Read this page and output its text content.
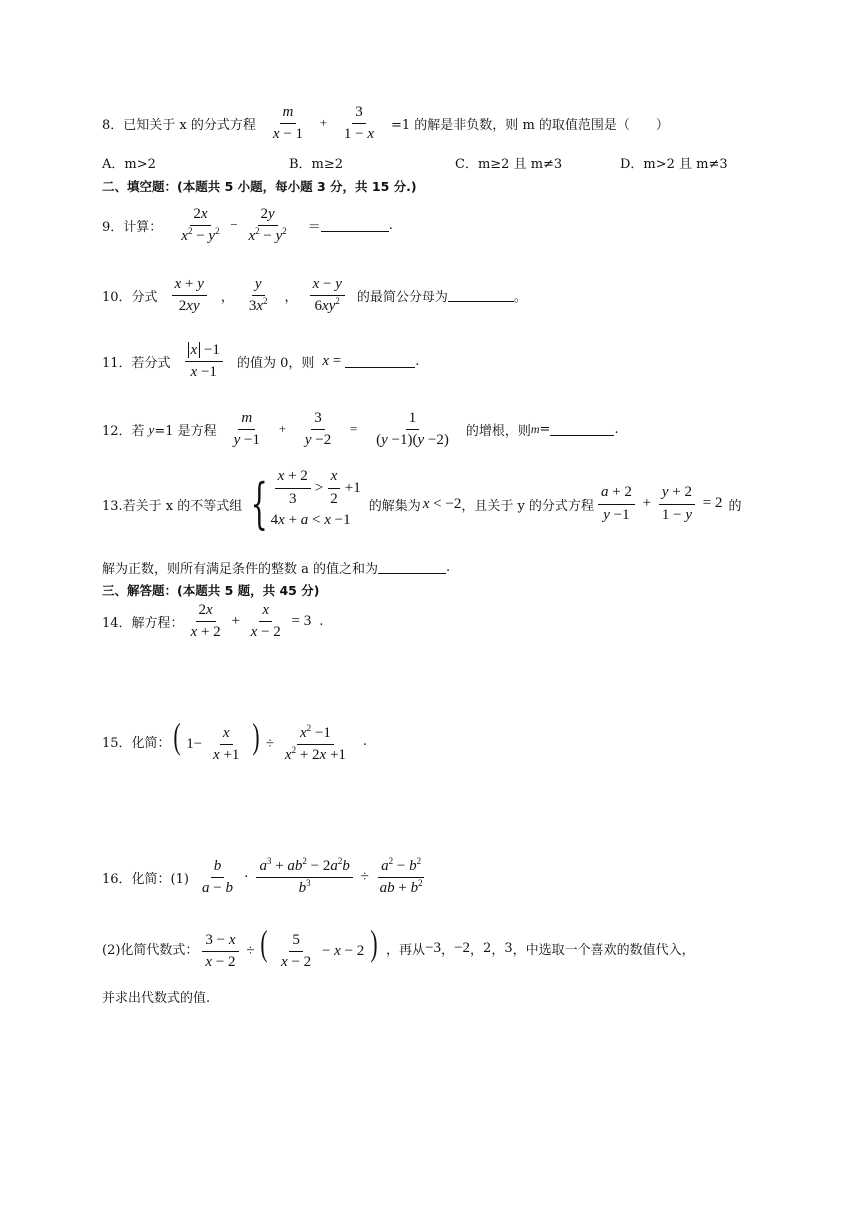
8． 已知关于 x 的分式方程 $\frac{m}{x - 1} + \frac{3}{1 - x} =1$ 的解是非负数，则 m 的取值范围是（　　）
A．m>2	B．m≥2	C．m≥2 且 m≠3	D．m>2 且 m≠3
二、填空题：(本题共 5 小题，每小题 3 分，共 15 分.)
9．计算： $\frac{2x}{x^2 - y^2} - \frac{2y}{x^2 - y^2}$ ＝	.
10．分式 $\frac{x + y}{2xy}$ ， $\frac{y}{3x^2}$ ， $\frac{x - y}{6xy^2}$ 的最简公分母为	。
11．若分式 $\frac{x -1}{x -1}$ 的值为 0，则 x =	.
12．若 y =1 是方程 $\frac{m}{y -1} + \frac{3}{y -2} = \frac{1}{(y -1)(y -2)}$ 的增根，则 m =	.
13.若关于 x 的不等式组 { $\frac{x + 2}{3} > \frac{x}{2} +1$
4x + a < x −1
的解集为 x < −2 ，且关于 y 的分式方程 $\frac{a + 2}{y -1} + \frac{y + 2}{1 - y} = 2$ 的
解为正数，则所有满足条件的整数 a 的值之和为	.
三、解答题：(本题共 5 题，共 45 分)
14．解方程： $\frac{2x}{x + 2} + \frac{x}{x - 2} = 3$ .
15．化简： ( $1- \frac{x}{x +1}$ ) ÷ $\frac{x^2 -1}{x^2 + 2x +1}$ .
16．化简：$(1) \frac{b}{a - b} \cdot \frac{a^3 + ab^2 - 2a^2b}{b^3} \div \frac{a^2 - b^2}{ab + b^2}$
(2)化简代数式： $\frac{3 - x}{x - 2}$ ÷ ( $\frac{5}{x - 2} - x - 2$ ) ，再从 −3 ， −2 ， 2 ， 3 ， 中选取一个喜欢的数值代入，
并求出代数式的值.
